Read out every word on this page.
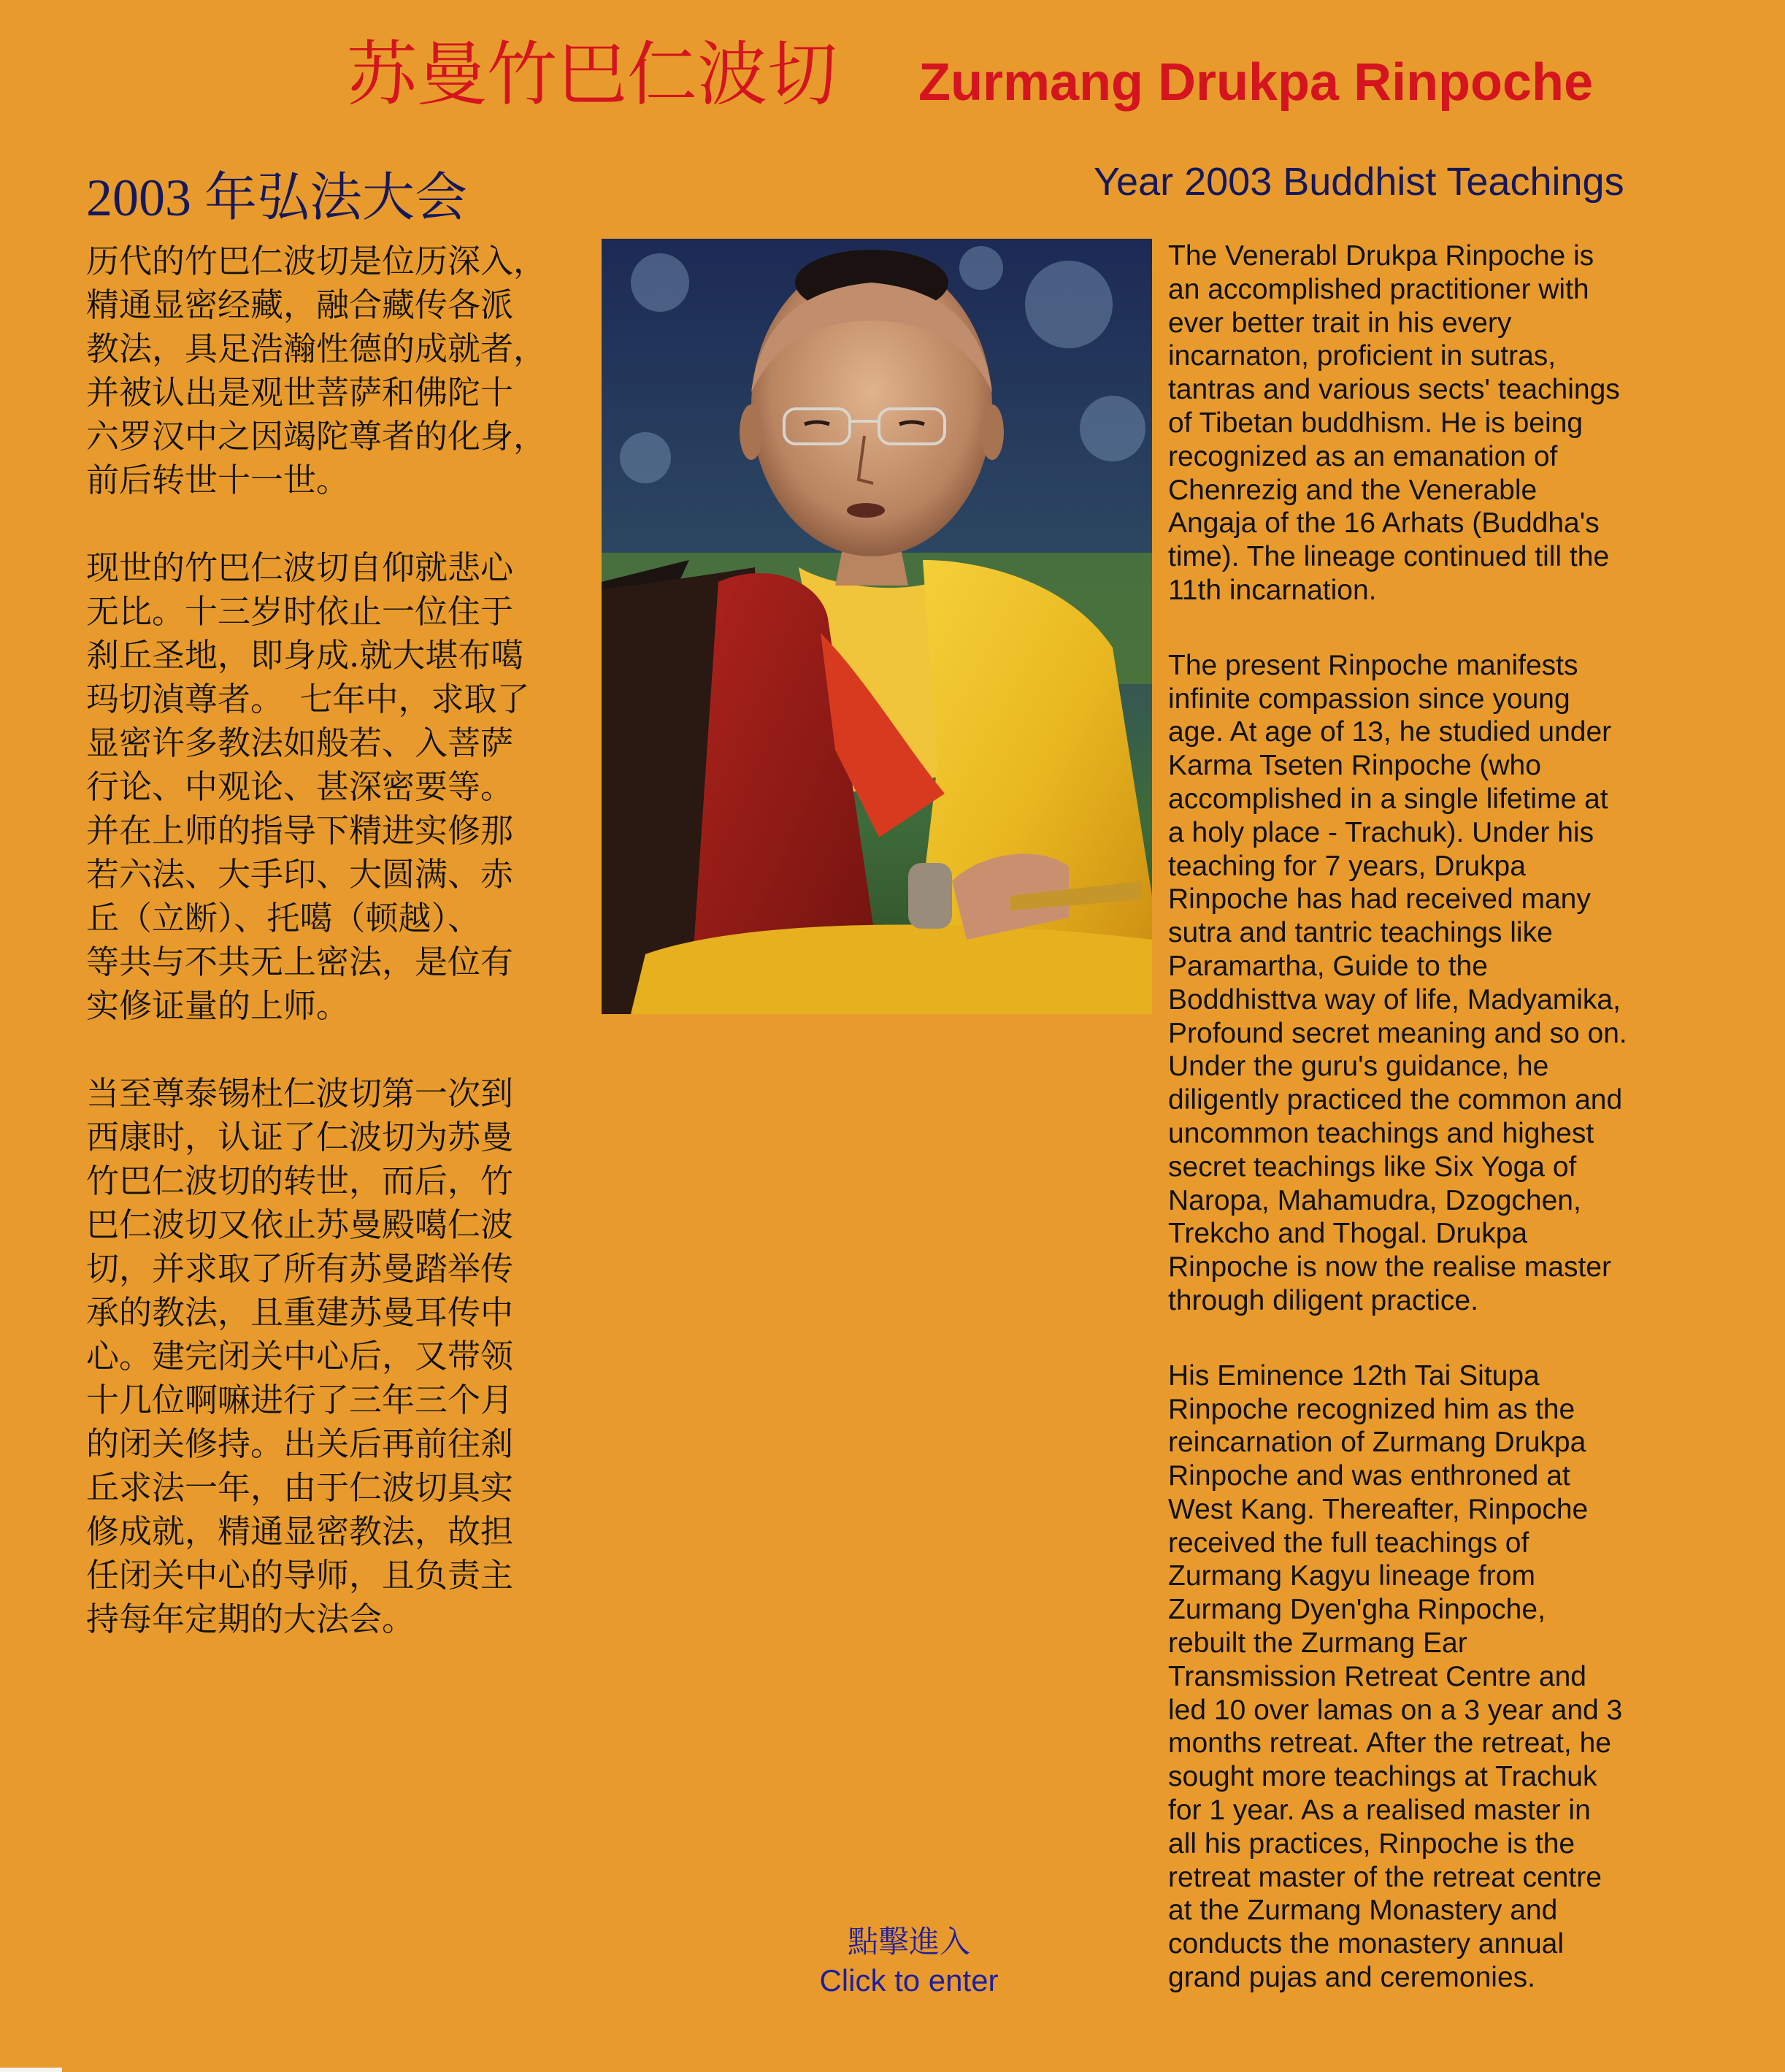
苏曼竹巴仁波切 Zurmang Drukpa Rinpoche
2003 年弘法大会	Year 2003 Buddhist Teachings

历代的竹巴仁波切是位历深入，
精通显密经藏，融合藏传各派
教法，具足浩瀚性德的成就者，
并被认出是观世菩萨和佛陀十
六罗汉中之因竭陀尊者的化身，
前后转世十一世。

现世的竹巴仁波切自仰就悲心
无比。十三岁时依止一位住于
刹丘圣地，即身成.就大堪布噶
玛切湞尊者。　七年中，求取了
显密许多教法如般若、入菩萨
行论、中观论、甚深密要等。
并在上师的指导下精进实修那
若六法、大手印、大圆满、赤
丘（立断）、托噶（顿越）、
等共与不共无上密法，是位有
实修证量的上师。

当至尊泰锡杜仁波切第一次到
西康时，认证了仁波切为苏曼
竹巴仁波切的转世，而后，竹
巴仁波切又依止苏曼殿噶仁波
切，并求取了所有苏曼踏举传
承的教法，且重建苏曼耳传中
心。建完闭关中心后，又带领
十几位啊嘛进行了三年三个月
的闭关修持。出关后再前往刹
丘求法一年，由于仁波切具实
修成就，精通显密教法，故担
任闭关中心的导师，且负责主
持每年定期的大法会。

The Venerabl Drukpa Rinpoche is
an accomplished practitioner with
ever better trait in his every
incarnaton, proficient in sutras,
tantras and various sects' teachings
of Tibetan buddhism. He is being
recognized as an emanation of
Chenrezig and the Venerable
Angaja of the 16 Arhats (Buddha's
time). The lineage continued till the
11th incarnation.

The present Rinpoche manifests
infinite compassion since young
age. At age of 13, he studied under
Karma Tseten Rinpoche (who
accomplished in a single lifetime at
a holy place - Trachuk). Under his
teaching for 7 years, Drukpa
Rinpoche has had received many
sutra and tantric teachings like
Paramartha, Guide to the
Boddhisttva way of life, Madyamika,
Profound secret meaning and so on.
Under the guru's guidance, he
diligently practiced the common and
uncommon teachings and highest
secret teachings like Six Yoga of
Naropa, Mahamudra, Dzogchen,
Trekcho and Thogal. Drukpa
Rinpoche is now the realise master
through diligent practice.

His Eminence 12th Tai Situpa
Rinpoche recognized him as the
reincarnation of Zurmang Drukpa
Rinpoche and was enthroned at
West Kang. Thereafter, Rinpoche
received the full teachings of
Zurmang Kagyu lineage from
Zurmang Dyen'gha Rinpoche,
rebuilt the Zurmang Ear
Transmission Retreat Centre and
led 10 over lamas on a 3 year and 3
months retreat. After the retreat, he
sought more teachings at Trachuk
for 1 year. As a realised master in
all his practices, Rinpoche is the
retreat master of the retreat centre
at the Zurmang Monastery and
conducts the monastery annual
grand pujas and ceremonies.

點擊進入
Click to enter
